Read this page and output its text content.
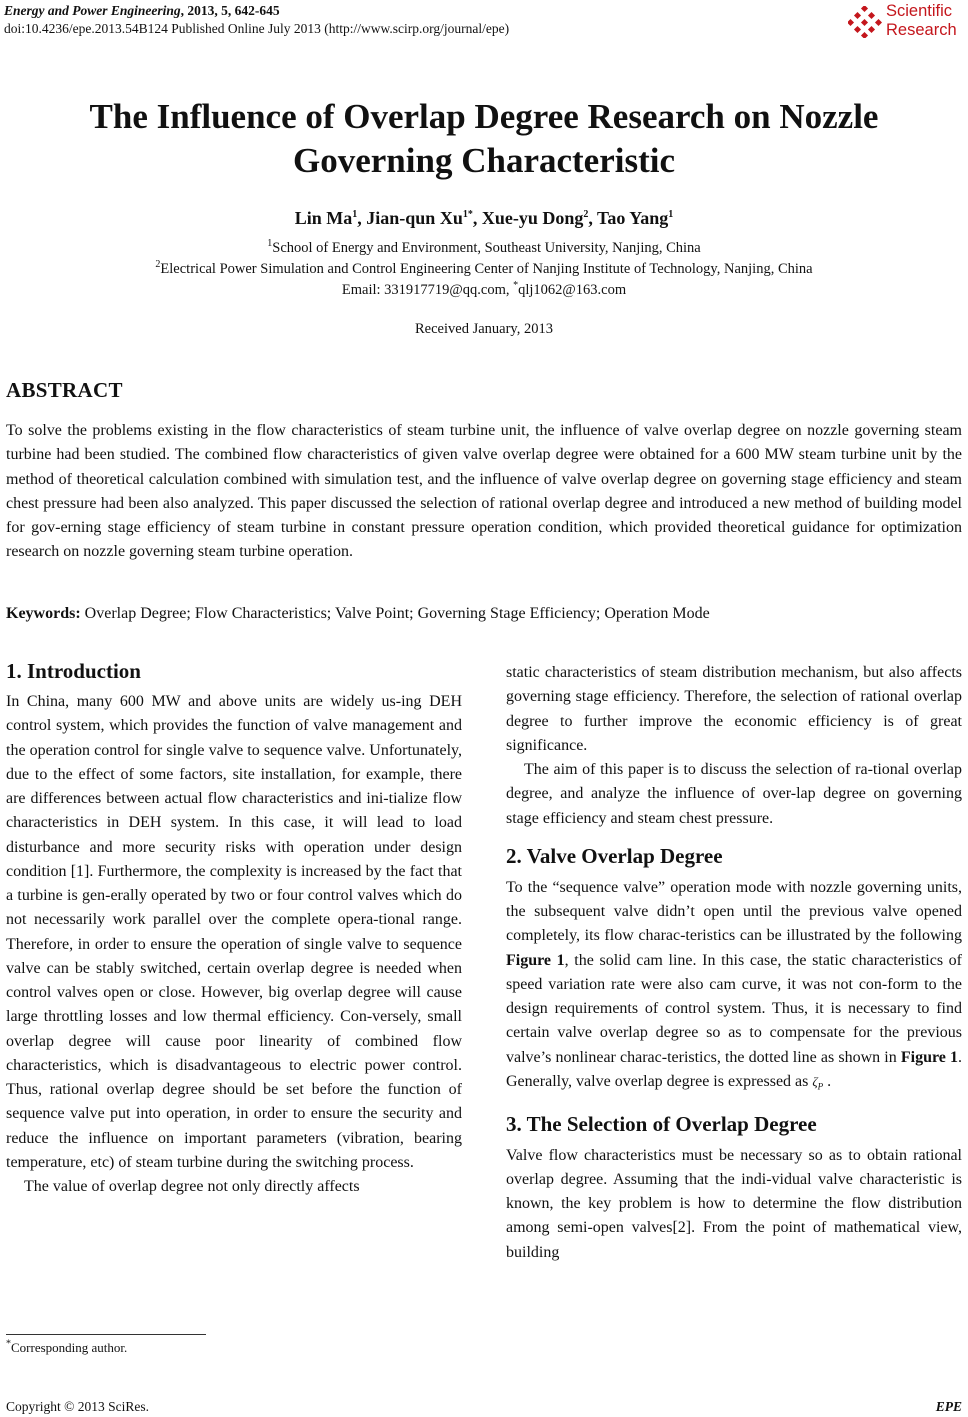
Energy and Power Engineering, 2013, 5, 642-645
doi:10.4236/epe.2013.54B124 Published Online July 2013 (http://www.scirp.org/journal/epe)
Scientific
Research
The Influence of Overlap Degree Research on Nozzle
Governing Characteristic
Lin Ma$^1$, Jian-qun $Xu^{1*}$, Xue-yu Dong$^2$, Tao Yang$^1$
$^1$School of Energy and Environment, Southeast University, Nanjing, China
$^2$Electrical Power Simulation and Control Engineering Center of Nanjing Institute of Technology, Nanjing, China
Email: 331917719@qq.com, *qlj1062@163.com
Received January, 2013
ABSTRACT
To solve the problems existing in the flow characteristics of steam turbine unit, the influence of valve overlap degree on nozzle governing steam turbine had been studied. The combined flow characteristics of given valve overlap degree were obtained for a 600 MW steam turbine unit by the method of theoretical calculation combined with simulation test, and the influence of valve overlap degree on governing stage efficiency and steam chest pressure had been also analyzed. This paper discussed the selection of rational overlap degree and introduced a new method of building model for gov-erning stage efficiency of steam turbine in constant pressure operation condition, which provided theoretical guidance for optimization research on nozzle governing steam turbine operation.
Keywords: Overlap Degree; Flow Characteristics; Valve Point; Governing Stage Efficiency; Operation Mode
1. Introduction

In China, many 600 MW and above units are widely us-ing DEH control system, which provides the function of valve management and the operation control for single valve to sequence valve. Unfortunately, due to the effect of some factors, site installation, for example, there are differences between actual flow characteristics and ini-tialize flow characteristics in DEH system. In this case, it will lead to load disturbance and more security risks with operation under design condition [1]. Furthermore, the complexity is increased by the fact that a turbine is gen-erally operated by two or four control valves which do not necessarily work parallel over the complete opera-tional range. Therefore, in order to ensure the operation of single valve to sequence valve can be stably switched, certain overlap degree is needed when control valves open or close. However, big overlap degree will cause large throttling losses and low thermal efficiency. Con-versely, small overlap degree will cause poor linearity of combined flow characteristics, which is disadvantageous to electric power control. Thus, rational overlap degree should be set before the function of sequence valve put into operation, in order to ensure the security and reduce the influence on important parameters (vibration, bearing temperature, etc) of steam turbine during the switching process.

The value of overlap degree not only directly affects

static characteristics of steam distribution mechanism, but also affects governing stage efficiency. Therefore, the selection of rational overlap degree to further improve the economic efficiency is of great significance.

The aim of this paper is to discuss the selection of ra-tional overlap degree, and analyze the influence of over-lap degree on governing stage efficiency and steam chest pressure.

2. Valve Overlap Degree

To the “sequence valve” operation mode with nozzle governing units, the subsequent valve didn’t open until the previous valve opened completely, its flow charac-teristics can be illustrated by the following Figure 1, the solid cam line. In this case, the static characteristics of speed variation rate were also cam curve, it was not con-form to the design requirements of control system. Thus, it is necessary to find certain valve overlap degree so as to compensate for the previous valve’s nonlinear charac-teristics, the dotted line as shown in Figure 1. Generally, valve overlap degree is expressed as $\zeta_P$ .

3. The Selection of Overlap Degree

Valve flow characteristics must be necessary so as to obtain rational overlap degree. Assuming that the indi-vidual valve characteristic is known, the key problem is how to determine the flow distribution among semi-open valves[2]. From the point of mathematical view, building

*Corresponding author.
Copyright © 2013 SciRes.	EPE
